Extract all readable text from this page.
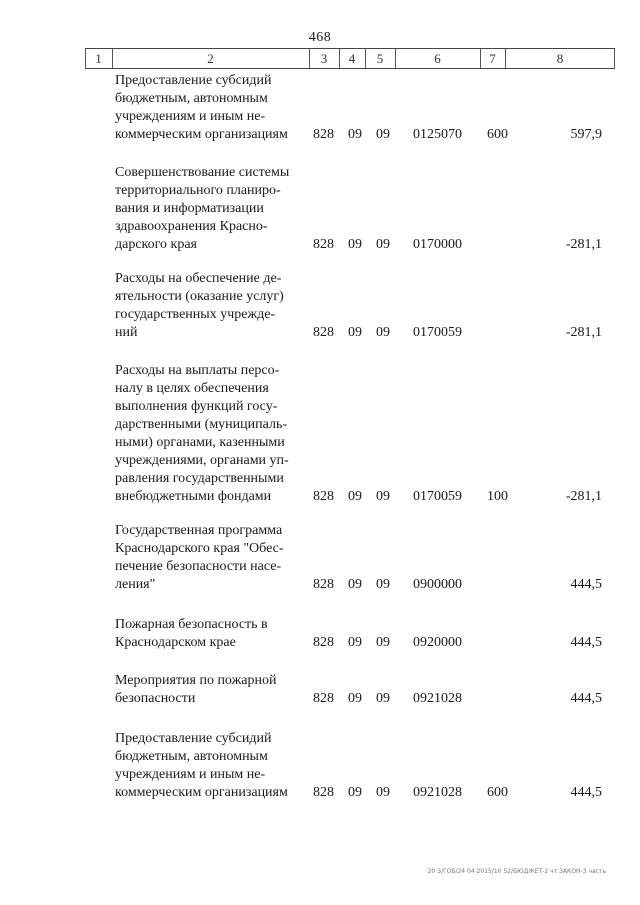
468
1	2	3	4	5	6	7	8
Предоставление субсидий
бюджетным, автономным
учреждениям и иным не-
коммерческим организациям	828 09 09 0125070 600	597,9
Совершенствование системы
территориального планиро-
вания и информатизации
здравоохранения Красно-
дарского края	828 09 09 0170000	-281,1
Расходы на обеспечение де-
ятельности (оказание услуг)
государственных учрежде-
ний	828 09 09 0170059	-281,1
Расходы на выплаты персо-
налу в целях обеспечения
выполнения функций госу-
дарственными (муниципаль-
ными) органами, казенными
учреждениями, органами уп-
равления государственными
внебюджетными фондами	828 09 09 0170059 100	-281,1
Государственная программа
Краснодарского края "Обес-
печение безопасности насе-
ления"	828 09 09 0900000	444,5
Пожарная безопасность в
Краснодарском крае	828 09 09 0920000	444,5
Мероприятия по пожарной
безопасности	828 09 09 0921028	444,5
Предоставление субсидий
бюджетным, автономным
учреждениям и иным не-
коммерческим организациям	828 09 09 0921028 600	444,5
20 З/ГОБ/24 04 2015/10 52/БЮДЖЕТ-2 чт ЗАКОН-3 часть
